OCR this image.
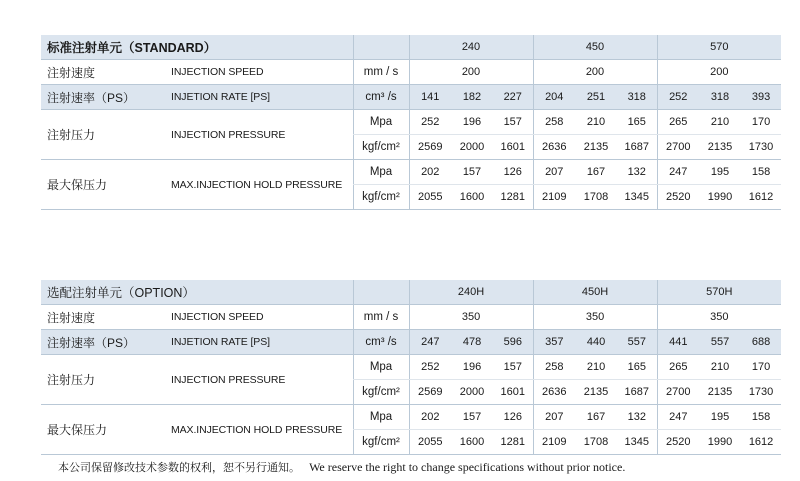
标准注射单元（STANDARD）			240			450			570		
注射速度	INJECTION SPEED	mm / s	200			200			200		
注射速率（PS）	INJETION RATE [PS]	cm³ /s	141	182	227	204	251	318	252	318	393
注射压力	INJECTION PRESSURE	Mpa	252	196	157	258	210	165	265	210	170
		kgf/cm²	2569	2000	1601	2636	2135	1687	2700	2135	1730
最大保压力	MAX.INJECTION HOLD PRESSURE	Mpa	202	157	126	207	167	132	247	195	158
		kgf/cm²	2055	1600	1281	2109	1708	1345	2520	1990	1612
选配注射单元（OPTION）			240H			450H			570H		
注射速度	INJECTION SPEED	mm / s	350			350			350		
注射速率（PS）	INJETION RATE [PS]	cm³ /s	247	478	596	357	440	557	441	557	688
注射压力	INJECTION PRESSURE	Mpa	252	196	157	258	210	165	265	210	170
		kgf/cm²	2569	2000	1601	2636	2135	1687	2700	2135	1730
最大保压力	MAX.INJECTION HOLD PRESSURE	Mpa	202	157	126	207	167	132	247	195	158
		kgf/cm²	2055	1600	1281	2109	1708	1345	2520	1990	1612
本公司保留修改技术参数的权利，恕不另行通知。 We reserve the right to change specifications without prior notice.
